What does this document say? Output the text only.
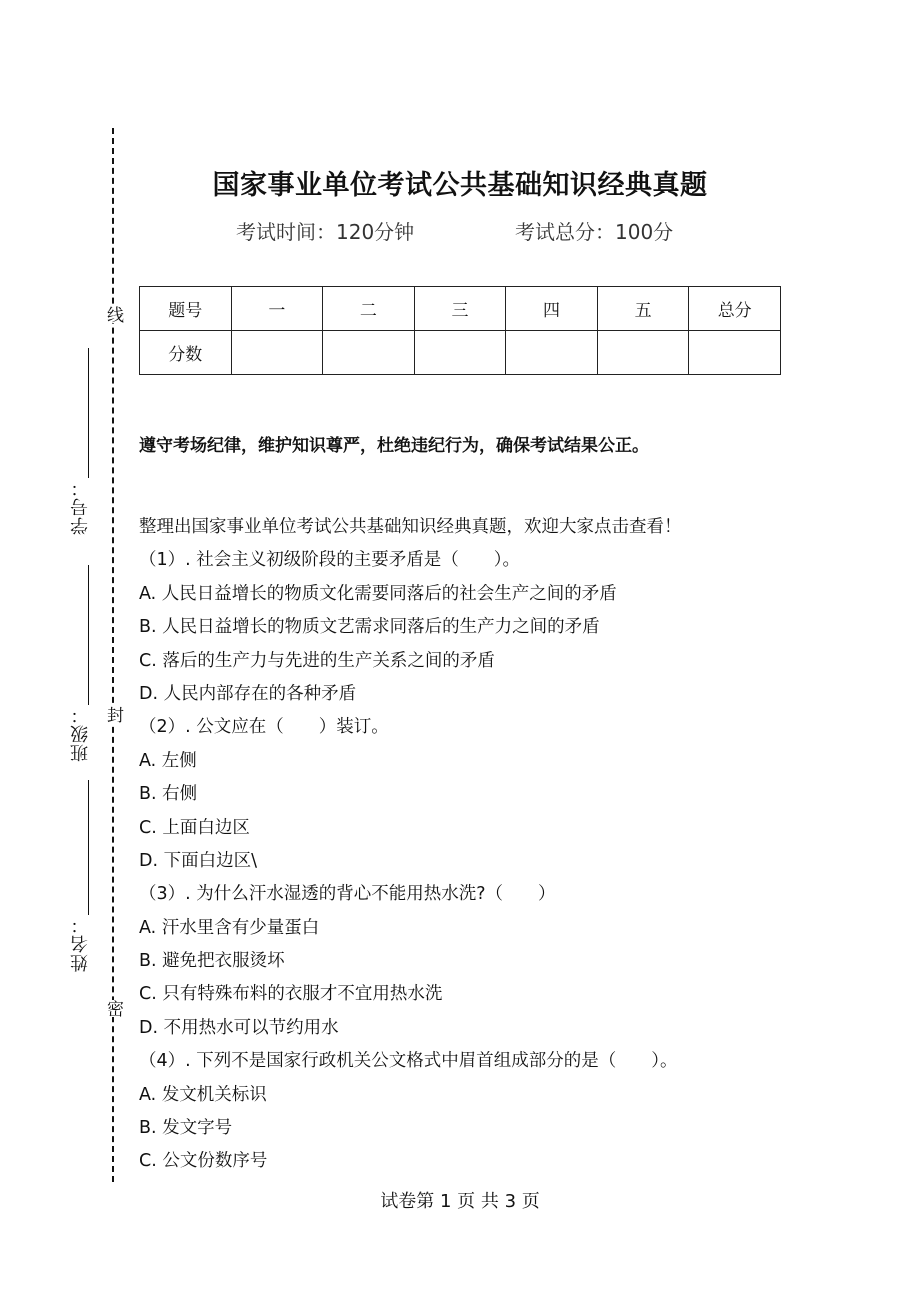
线
封
密
学号：
班级：
姓名：
国家事业单位考试公共基础知识经典真题
考试时间：120分钟	考试总分：100分
题号	一	二	三	四	五	总分
分数						
遵守考场纪律，维护知识尊严，杜绝违纪行为，确保考试结果公正。
整理出国家事业单位考试公共基础知识经典真题，欢迎大家点击查看！
（1）. 社会主义初级阶段的主要矛盾是（　　）。
A. 人民日益增长的物质文化需要同落后的社会生产之间的矛盾
B. 人民日益增长的物质文艺需求同落后的生产力之间的矛盾
C. 落后的生产力与先进的生产关系之间的矛盾
D. 人民内部存在的各种矛盾
（2）. 公文应在（　　）装订。
A. 左侧
B. 右侧
C. 上面白边区
D. 下面白边区\
（3）. 为什么汗水湿透的背心不能用热水洗?（　　）
A. 汗水里含有少量蛋白
B. 避免把衣服烫坏
C. 只有特殊布料的衣服才不宜用热水洗
D. 不用热水可以节约用水
（4）. 下列不是国家行政机关公文格式中眉首组成部分的是（　　）。
A. 发文机关标识
B. 发文字号
C. 公文份数序号
试卷第 1 页 共 3 页
